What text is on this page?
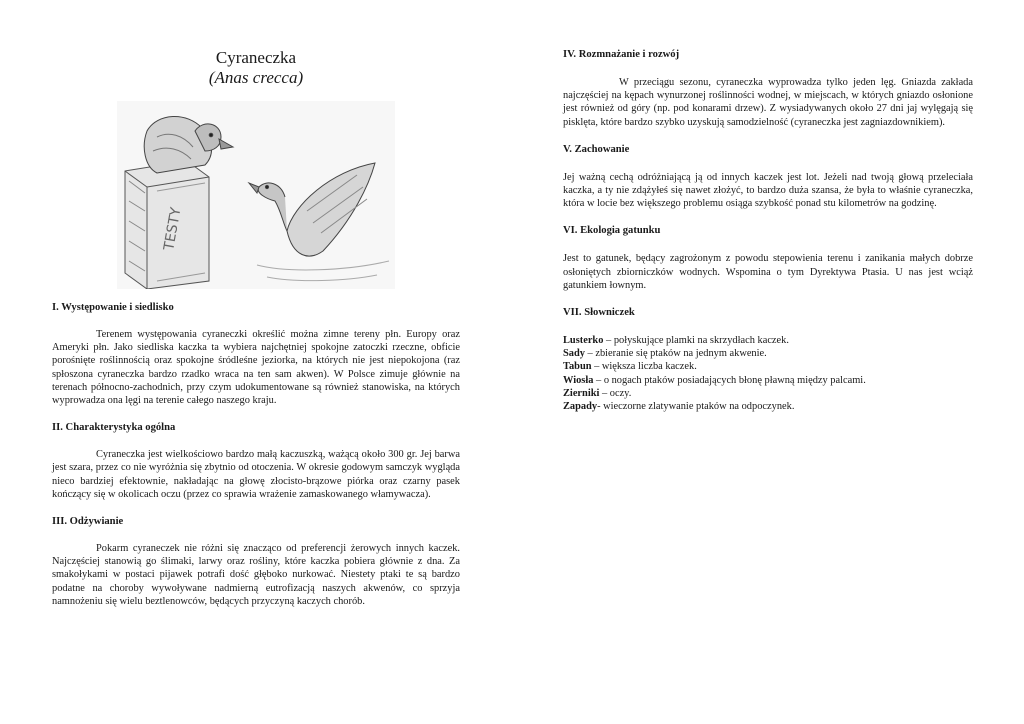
Cyraneczka
(Anas crecca)
TESTY
I. Występowanie i siedlisko

Terenem występowania cyraneczki określić można zimne tereny płn. Europy oraz Ameryki płn. Jako siedliska kaczka ta wybiera najchętniej spokojne zatoczki rzeczne, obficie porośnięte roślinnością oraz spokojne śródleśne jeziorka, na których nie jest niepokojona (raz spłoszona cyraneczka bardzo rzadko wraca na ten sam akwen). W Polsce zimuje głównie na terenach północno-zachodnich, przy czym udokumentowane są również stanowiska, na których wyprowadza ona lęgi na terenie całego naszego kraju.

II. Charakterystyka ogólna

Cyraneczka jest wielkościowo bardzo małą kaczuszką, ważącą około 300 gr. Jej barwa jest szara, przez co nie wyróżnia się zbytnio od otoczenia. W okresie godowym samczyk wygląda nieco bardziej efektownie, nakładając na głowę złocisto-brązowe piórka oraz czarny pasek kończący się w okolicach oczu (przez co sprawia wrażenie zamaskowanego włamywacza).

III. Odżywianie

Pokarm cyraneczek nie różni się znacząco od preferencji żerowych innych kaczek. Najczęściej stanowią go ślimaki, larwy oraz rośliny, które kaczka pobiera głównie z dna. Za smakołykami w postaci pijawek potrafi dość głęboko nurkować. Niestety ptaki te są bardzo podatne na choroby wywoływane nadmierną eutrofizacją naszych akwenów, co sprzyja namnożeniu się wielu beztlenowców, będących przyczyną kaczych chorób.

IV. Rozmnażanie i rozwój

W przeciągu sezonu, cyraneczka wyprowadza tylko jeden lęg. Gniazda zakłada najczęściej na kępach wynurzonej roślinności wodnej, w miejscach, w których gniazdo osłonione jest również od góry (np. pod konarami drzew). Z wysiadywanych około 27 dni jaj wylęgają się pisklęta, które bardzo szybko uzyskują samodzielność (cyraneczka jest zagniazdownikiem).

V. Zachowanie

Jej ważną cechą odróżniającą ją od innych kaczek jest lot. Jeżeli nad twoją głową przeleciała kaczka, a ty nie zdążyłeś się nawet złożyć, to bardzo duża szansa, że była to właśnie cyraneczka, która w locie bez większego problemu osiąga szybkość ponad stu kilometrów na godzinę.

VI. Ekologia gatunku

Jest to gatunek, będący zagrożonym z powodu stepowienia terenu i zanikania małych dobrze osłoniętych zbiorniczków wodnych. Wspomina o tym Dyrektywa Ptasia. U nas jest wciąż gatunkiem łownym.

VII. Słowniczek

Lusterko – połyskujące plamki na skrzydłach kaczek.

Sady – zbieranie się ptaków na jednym akwenie.

Tabun – większa liczba kaczek.

Wiosła – o nogach ptaków posiadających błonę pławną między palcami.

Zierniki – oczy.

Zapady- wieczorne zlatywanie ptaków na odpoczynek.
